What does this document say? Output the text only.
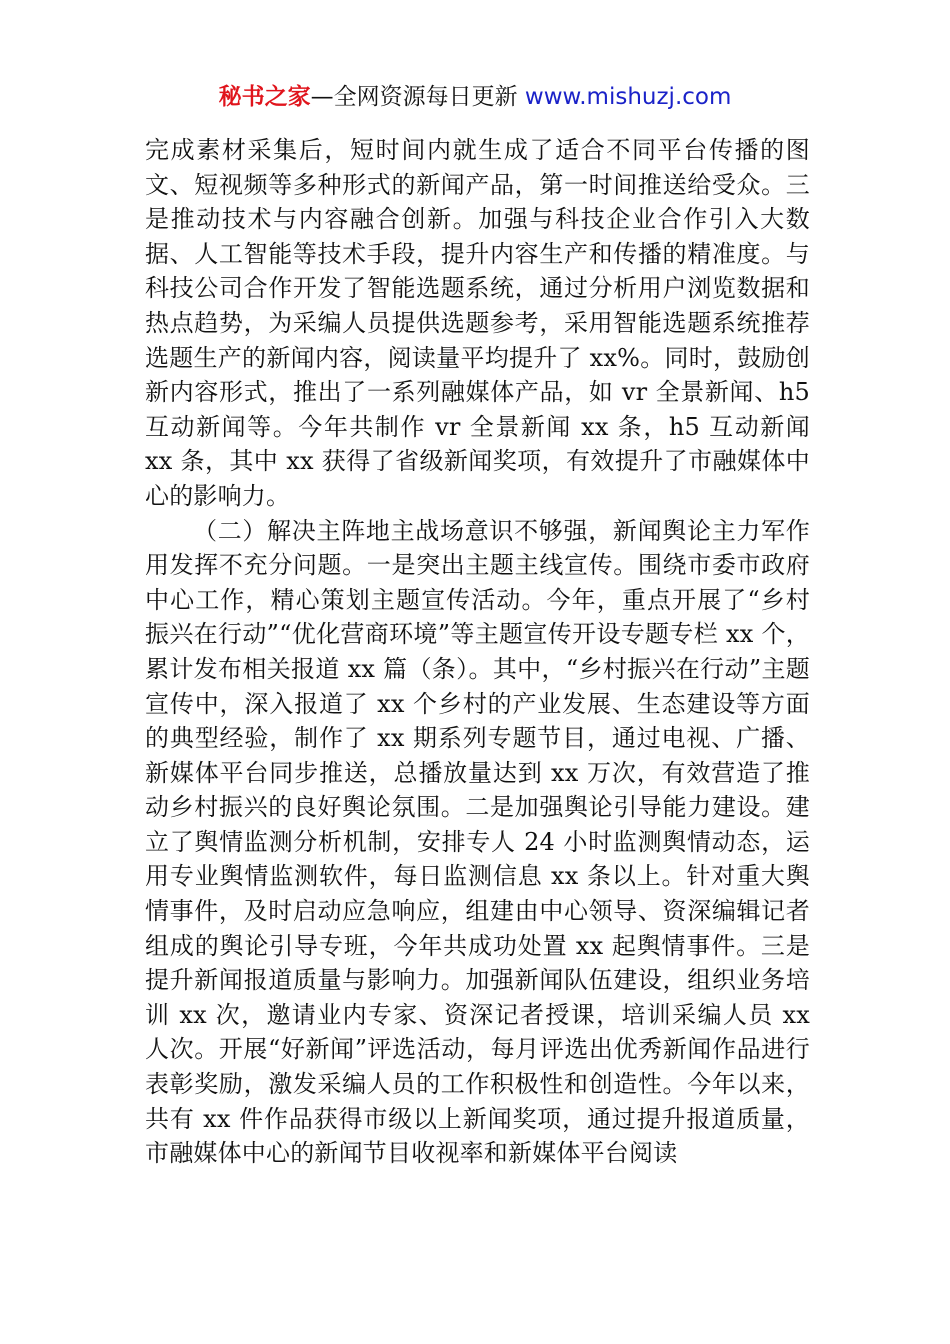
秘书之家—全网资源每日更新 www.mishuzj.com

完成素材采集后，短时间内就生成了适合不同平台传播的图文、短视频等多种形式的新闻产品，第一时间推送给受众。三是推动技术与内容融合创新。加强与科技企业合作引入大数据、人工智能等技术手段，提升内容生产和传播的精准度。与科技公司合作开发了智能选题系统，通过分析用户浏览数据和热点趋势，为采编人员提供选题参考，采用智能选题系统推荐选题生产的新闻内容，阅读量平均提升了 xx%。同时，鼓励创新内容形式，推出了一系列融媒体产品，如 vr 全景新闻、h5 互动新闻等。今年共制作 vr 全景新闻 xx 条，h5 互动新闻 xx 条，其中 xx 获得了省级新闻奖项，有效提升了市融媒体中心的影响力。

（二）解决主阵地主战场意识不够强，新闻舆论主力军作用发挥不充分问题。一是突出主题主线宣传。围绕市委市政府中心工作，精心策划主题宣传活动。今年，重点开展了“乡村振兴在行动”“优化营商环境”等主题宣传开设专题专栏 xx 个，累计发布相关报道 xx 篇（条）。其中，“乡村振兴在行动”主题宣传中，深入报道了 xx 个乡村的产业发展、生态建设等方面的典型经验，制作了 xx 期系列专题节目，通过电视、广播、新媒体平台同步推送，总播放量达到 xx 万次，有效营造了推动乡村振兴的良好舆论氛围。二是加强舆论引导能力建设。建立了舆情监测分析机制，安排专人 24 小时监测舆情动态，运用专业舆情监测软件，每日监测信息 xx 条以上。针对重大舆情事件，及时启动应急响应，组建由中心领导、资深编辑记者组成的舆论引导专班，今年共成功处置 xx 起舆情事件。三是提升新闻报道质量与影响力。加强新闻队伍建设，组织业务培训 xx 次，邀请业内专家、资深记者授课，培训采编人员 xx 人次。开展“好新闻”评选活动，每月评选出优秀新闻作品进行表彰奖励，激发采编人员的工作积极性和创造性。今年以来，共有 xx 件作品获得市级以上新闻奖项，通过提升报道质量，市融媒体中心的新闻节目收视率和新媒体平台阅读
